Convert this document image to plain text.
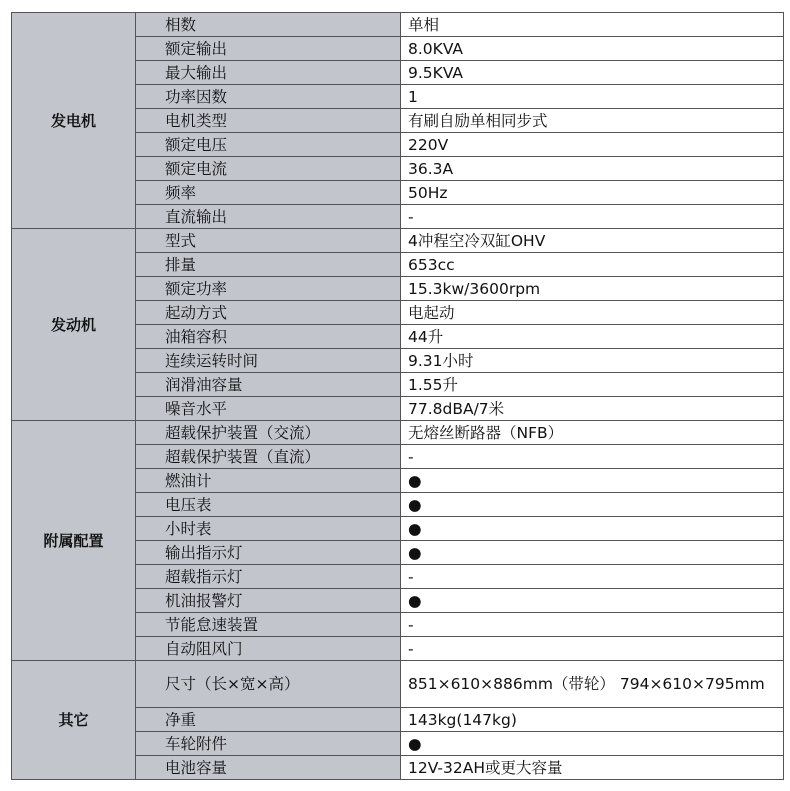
发电机	相数	单相
	额定输出	8.0KVA
	最大输出	9.5KVA
	功率因数	1
	电机类型	有刷自励单相同步式
	额定电压	220V
	额定电流	36.3A
	频率	50Hz
	直流输出	-
发动机	型式	4冲程空冷双缸OHV
	排量	653cc
	额定功率	15.3kw/3600rpm
	起动方式	电起动
	油箱容积	44升
	连续运转时间	9.31小时
	润滑油容量	1.55升
	噪音水平	77.8dBA/7米
附属配置	超载保护装置（交流）	无熔丝断路器（NFB）
	超载保护装置（直流）	-
	燃油计	●
	电压表	●
	小时表	●
	输出指示灯	●
	超载指示灯	-
	机油报警灯	●
	节能怠速装置	-
	自动阻风门	-
其它	尺寸（长×宽×高）	851×610×886mm（带轮） 794×610×795mm
	净重	143kg(147kg)
	车轮附件	●
	电池容量	12V-32AH或更大容量
